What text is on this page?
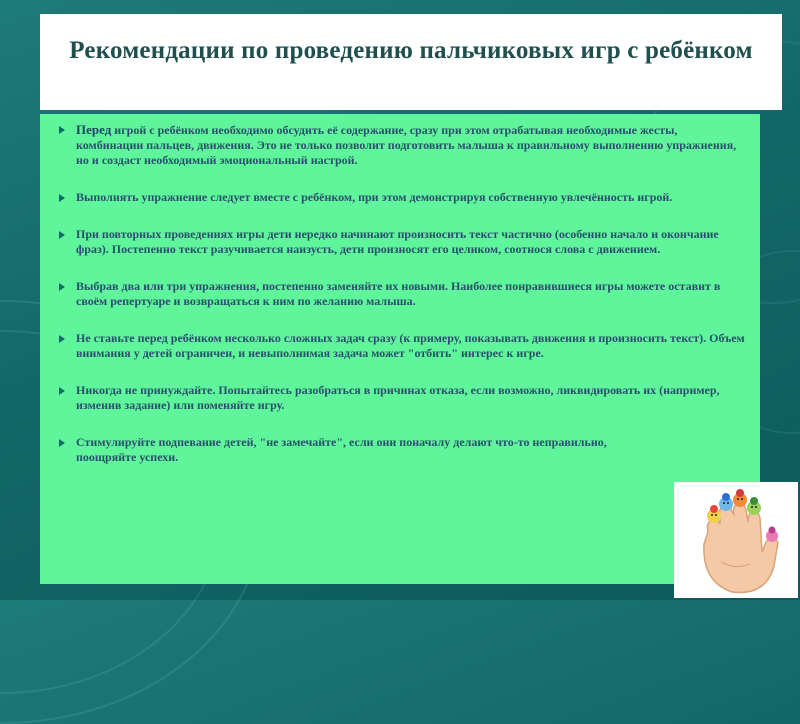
Рекомендации по проведению пальчиковых игр с ребёнком
Перед игрой с ребёнком необходимо обсудить её содержание, сразу при этом отрабатывая необходимые жесты, комбинации пальцев, движения. Это не только позволит подготовить малыша к правильному выполнению упражнения, но и создаст необходимый эмоциональный настрой.
Выполнять упражнение следует вместе с ребёнком, при этом демонстрируя собственную увлечённость игрой.
При повторных проведениях игры дети нередко начинают произносить текст частично (особенно начало и окончание фраз). Постепенно текст разучивается наизусть, дети произносят его целиком, соотнося слова с движением.
Выбрав два или три упражнения, постепенно заменяйте их новыми. Наиболее понравившиеся игры можете оставит в своём репертуаре и возвращаться к ним по желанию малыша.
Не ставьте перед ребёнком несколько сложных задач сразу (к примеру, показывать движения и произносить текст). Объем внимания у детей ограничен, и невыполнимая задача может "отбить" интерес к игре.
Никогда не принуждайте. Попытайтесь разобраться в причинах отказа, если возможно, ликвидировать их (например, изменив задание) или поменяйте игру.
Стимулируйте подпевание детей, "не замечайте", если они поначалу делают что-то неправильно, поощряйте успехи.
